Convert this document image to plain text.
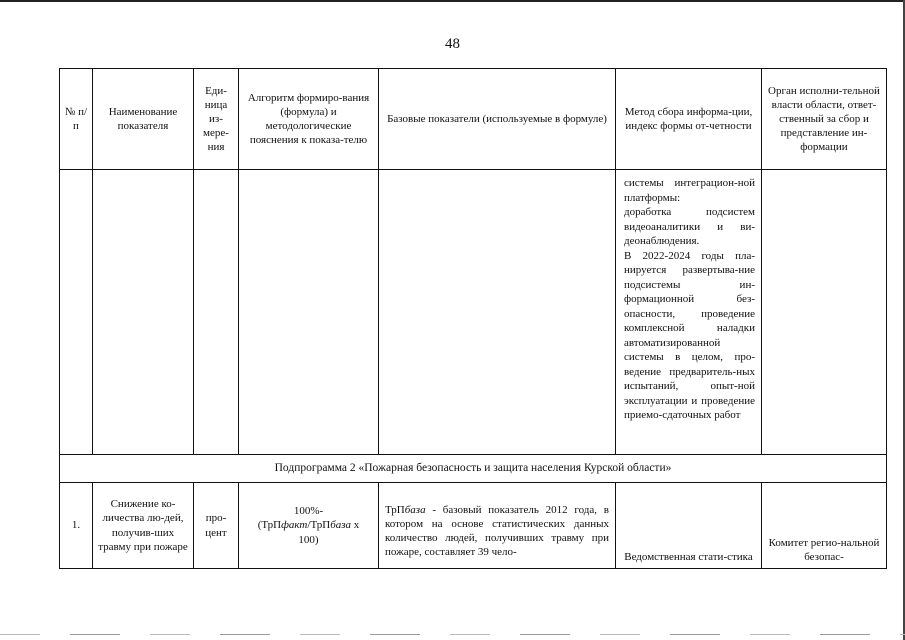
48
№ п/п	Наименование показателя	Еди-ница из-мере-ния	Алгоритм формиро-вания (формула) и методологические пояснения к показа-телю	Базовые показатели (используемые в формуле)	Метод сбора информа-ции, индекс формы от-четности	Орган исполни-тельной власти области, ответ-ственный за сбор и представление ин-формации

					системы интеграцион-ной платформы:

доработка подсистем видеоаналитики и ви-деонаблюдения.

В 2022-2024 годы пла-нируется развертыва-ние подсистемы ин-формационной без-опасности, проведение комплексной наладки автоматизированной системы в целом, про-ведение предваритель-ных испытаний, опыт-ной эксплуатации и проведение приемо-сдаточных работ	

Подпрограмма 2 «Пожарная безопасность и защита населения Курской области»						
1.	Снижение ко-личества лю-дей, получив-ших травму при пожаре	про-цент	100%-
(ТрПфакт/ТрПбаза x
100)	ТрПбаза - базовый показатель 2012 года, в котором на основе статистических данных количество людей, получивших травму при пожаре, составляет 39 чело-	Ведомственная стати-стика	Комитет регио-нальной безопас-
